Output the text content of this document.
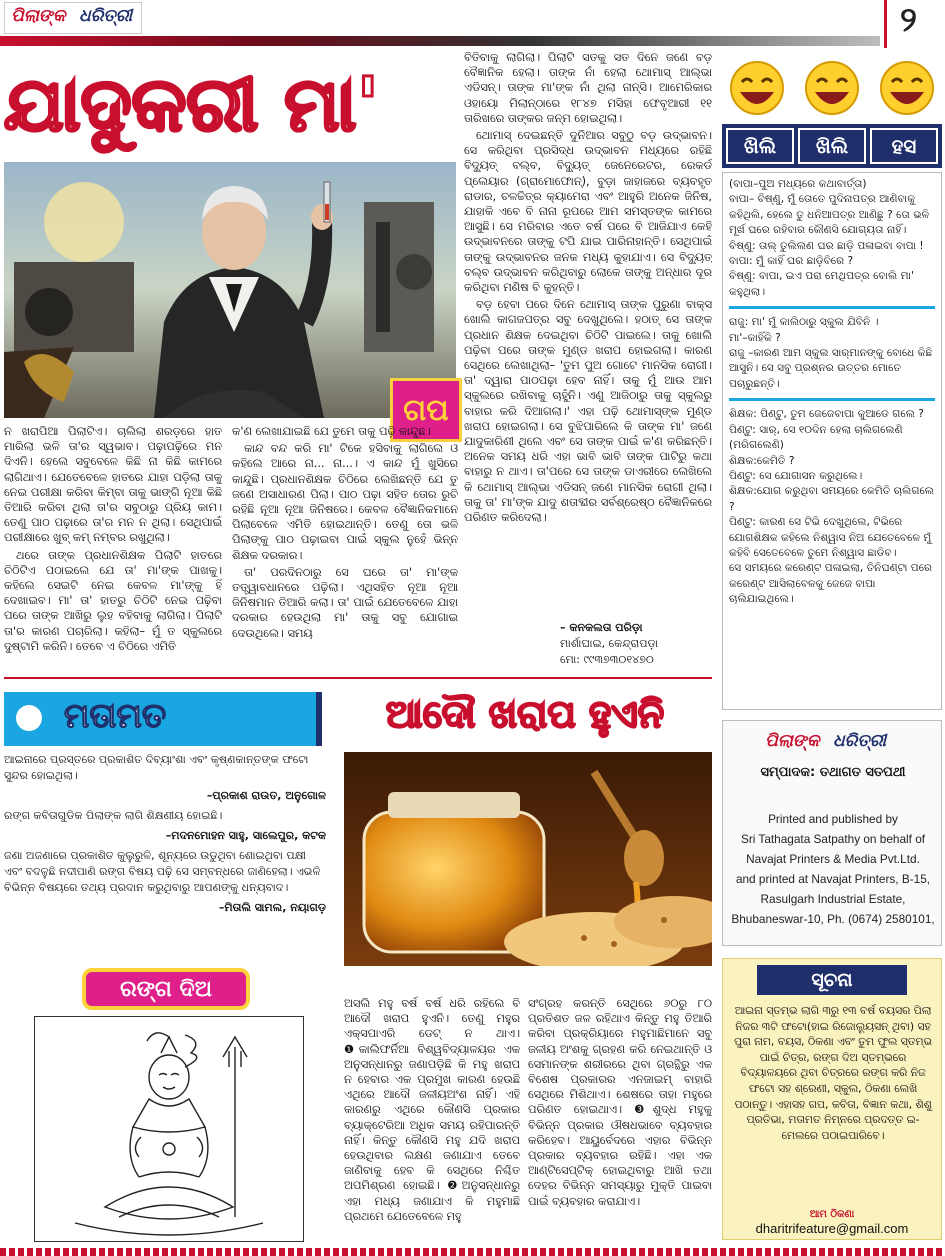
ପିଲାଙ୍କ ଧରିତ୍ରୀ	୨
ଯାଦୁକରୀ ମା'
ଗପ

ନ ଖରାପିଆ ପିଲାଟିଏ। ଚାଲିଲା ଶରଡ଼ରେ ହାତ ମାରିଲା ଭଳି ତା'ର ସ୍ୱଭାବ। ପଢ଼ାପଢ଼ିରେ ମନ ଦିଏନି। ହେଲେ ସବୁବେଳେ କିଛି ନା କିଛି କାମରେ ଲାଗିଥାଏ। ଯେତେବେଳେ ହାତରେ ଯାହା ପଡ଼ିଲା ତାକୁ ନେଇ ପରୀକ୍ଷା କରିବା କିମ୍ବା ତାକୁ ଭାଙ୍ଗି ନୂଆ କିଛି ତିଆରି କରିବା ଥିଲା ତା'ର ସବୁଠାରୁ ପ୍ରିୟ କାମ। ତେଣୁ ପାଠ ପଢ଼ାରେ ତା'ର ମନ ନ ଥିଲା। ସେଥିପାଇଁ ପରୀକ୍ଷାରେ ଖୁବ୍ କମ୍ ନମ୍ବର ରଖୁଥିଲା।

ଥରେ ତାଙ୍କ ପ୍ରଧାନଶିକ୍ଷକ ପିଲାଟି ହାତରେ ଚିଠିଟିଏ ପଠାଇଲେ ଯେ ତା' ମା'ଙ୍କ ପାଖକୁ। କହିଲେ ସେଇଟି ନେଇ କେବଳ ମା'ଙ୍କୁ ହିଁ ଦେଖାଇବ। ମା' ତା' ହାତରୁ ଚିଠିଟି ନେଇ ପଢ଼ିବା ପରେ ତାଙ୍କ ଆଖିରୁ ଲୁହ ବହିବାକୁ ଲାଗିଲା। ପିଲାଟି ତା'ର କାରଣ ପଚାରିଲା। କହିଲା– ମୁଁ ତ ସ୍କୁଲରେ ଦୁଷ୍ଟାମି କରିନି। ତେବେ ଏ ଚିଠିରେ ଏମିତି

କ'ଣ ଲେଖାଯାଇଛି ଯେ ତୁମେ ତାକୁ ପଢ଼ି କାନ୍ଦୁଛ।

କାନ୍ଦ ବନ୍ଦ କରି ମା' ଟିକେ ହସିବାକୁ ଲାଗିଲେ ଓ କହିଲେ ଆରେ ନା... ନା...। ଏ କାନ୍ଦ ମୁଁ ଖୁସିରେ କାନ୍ଦୁଛି। ପ୍ରଧାନଶିକ୍ଷକ ଚିଠିରେ ଲେଖିଛନ୍ତି ଯେ ତୁ ଜଣେ ଅସାଧାରଣ ପିଲା। ପାଠ ପଢ଼ା ସହିତ ତୋର ରୁଚି ରହିଛି ନୂଆ ନୂଆ ଜିନିଷରେ। କେବଳ ବୈଜ୍ଞାନିକମାନେ ପିଲାବେଳେ ଏମିତି ହୋଇଥାନ୍ତି। ତେଣୁ ତୋ ଭଳି ପିଲାଙ୍କୁ ପାଠ ପଢ଼ାଇବା ପାଇଁ ସ୍କୁଲ ନୁହେଁ ଭିନ୍ନ ଶିକ୍ଷକ ଦରକାର।

ତା' ପରଦିନଠାରୁ ସେ ଘରେ ତା' ମା'ଙ୍କ ତତ୍ତ୍ୱାବଧାନରେ ପଢ଼ିଲା। ଏଥିସହିତ ନୂଆ ନୂଆ ଜିନିଷମାନ ତିଆରି କଲା। ତା' ପାଇଁ ଯେତେବେଳେ ଯାହା ଦରକାର ହେଉଥିଲା ମା' ତାକୁ ସବୁ ଯୋଗାଇ ଦେଉଥିଲେ। ସମୟ

ବିତିବାକୁ ଲାଗିଲା। ପିଲାଟି ସତକୁ ସତ ଦିନେ ଜଣେ ବଡ଼ ବୈଜ୍ଞାନିକ ହେଲା। ତାଙ୍କ ନାଁ ହେଲା ଥୋମାସ୍ ଆଲ୍ଭା ଏଡିସନ୍। ତାଙ୍କ ମା'ଙ୍କ ନାଁ ଥିଲା ନାନ୍ସି। ଆମେରିକାର ଓହାୟୋ ମିଲାନ୍‌ଠାରେ ୧୮୪୭ ମସିହା ଫେବୃଆରୀ ୧୧ ତାରିଖରେ ତାଙ୍କର ଜନ୍ମ ହୋଇଥିଲା।

ଥୋମାସ୍ ଦେଇଛନ୍ତି ଦୁନିଆର ସବୁଠୁ ବଡ଼ ଉଦ୍ଭାବନ। ସେ କରିଥିବା ପ୍ରସିଦ୍ଧ ଉଦ୍ଭାବନ ମଧ୍ୟରେ ରହିଛି ବିଦ୍ୟୁତ୍ ବଲ୍ବ, ବିଦ୍ୟୁତ୍ ଜେନେରେଟର, ରେକର୍ଡ ପ୍ଲେୟାର (ଗ୍ରାମୋଫୋନ୍), ବୁଡ଼ା ଜାହାଜରେ ବ୍ୟବହୃତ ରାଡାର, ଚଳଚ୍ଚିତ୍ର କ୍ୟାମେରା ଏବଂ ଆହୁରି ଅନେକ ଜିନିଷ, ଯାହାକି ଏବେ ବି ନାନା ରୂପରେ ଆମ ସମସ୍ତଙ୍କ କାମରେ ଆସୁଛି। ସେ ମରିବାର ଏତେ ବର୍ଷ ପରେ ବି ଆଜିଯାଏ କେହି ଉଦ୍ଭାବନରେ ତାଙ୍କୁ ଟପି ଯାଇ ପାରିନାହାନ୍ତି। ସେଥିପାଇଁ ତାଙ୍କୁ ଉଦ୍ଭାବନର ଜନକ ମଧ୍ୟ କୁହାଯାଏ। ସେ ବିଦ୍ୟୁତ୍ ବଲ୍ବ ଉଦ୍ଭାବନ କରିଥିବାରୁ ଲୋକେ ତାଙ୍କୁ ଅନ୍ଧାର ଦୂର କରିଥିବା ମଣିଷ ବି କୁହନ୍ତି।

ବଡ଼ ହେବା ପରେ ଦିନେ ଥୋମାସ୍ ତାଙ୍କ ପୁରୁଣା ବାକ୍ସ ଖୋଲି କାଗଜପତ୍ର ସବୁ ଦେଖୁଥିଲେ। ହଠାତ୍ ସେ ତାଙ୍କ ପ୍ରଧାନ ଶିକ୍ଷକ ଦେଇଥିବା ଚିଠିଟି ପାଇଲେ। ତାକୁ ଖୋଲି ପଢ଼ିବା ପରେ ତାଙ୍କ ମୁଣ୍ଡ ଖରାପ ହୋଇଗଲା। କାରଣ ସେଥିରେ ଲେଖାଥିଲା– 'ତୁମ ପୁଅ ଗୋଟେ ମାନସିକ ରୋଗୀ। ତା' ଦ୍ୱାରା ପାଠପଢ଼ା ହେବ ନାହିଁ। ତାକୁ ମୁଁ ଆଉ ଆମ ସ୍କୁଲରେ ରଖିବାକୁ ଚାହୁଁନି। ଏଣୁ ଆଜିଠାରୁ ତାକୁ ସ୍କୁଲରୁ ବାହାର କରି ଦିଆଗଲା।' ଏହା ପଢ଼ି ଥୋମାସ୍‌ଙ୍କ ମୁଣ୍ଡ ଖରାପ ହୋଇଗଲା। ସେ ବୁଝିପାରିଲେ କି ତାଙ୍କ ମା' ଜଣେ ଯାଦୁକାରିଣୀ ଥିଲେ ଏବଂ ସେ ତାଙ୍କ ପାଇଁ କ'ଣ କରିଛନ୍ତି। ଅନେକ ସମୟ ଧରି ଏହା ଭାବି ଭାବି ତାଙ୍କ ପାଟିରୁ କଥା ବାହାରୁ ନ ଥାଏ। ତା'ପରେ ସେ ତାଙ୍କ ଡାଏରୀରେ ଲେଖିଲେ କି ଥୋମାସ୍ ଆଲ୍ଭା ଏଡିସନ୍ ଜଣେ ମାନସିକ ରୋଗୀ ଥିଲା। ତାକୁ ତା' ମା'ଙ୍କ ଯାଦୁ ଶତାବ୍ଦୀର ସର୍ବଶ୍ରେଷ୍ଠ ବୈଜ୍ଞାନିକରେ ପରିଣତ କରିଦେଲା।

– କନକଲତା ପରିଡ଼ା
ମାର୍ଶାଘାଇ, କେନ୍ଦ୍ରାପଡ଼ା
ମୋ: ୯୯୩୭୩୦୧୪୭୦
ଖିଲି ଖିଲି ହସ
(ବାପା–ପୁଅ ମଧ୍ୟରେ କଥାବାର୍ତ୍ତା)
ବାପା– ବିଷ୍ଣୁ, ମୁଁ ତୋତେ ପୁଦିନାପତ୍ର ଆଣିବାକୁ କହିଥିଲି, ହେଲେ ତୁ ଧନିଆପତ୍ର ଆଣିଛୁ ? ତୋ ଭଳି ମୂର୍ଖ ଘରେ ରହିବାର କୌଣସି ଯୋଗ୍ୟତା ନାହିଁ।
ବିଷ୍ଣୁ: ତାଲ୍ ତୁଲିଲଣ ଘର ଛାଡ଼ି ପଳାଇବା ବାପା !
ବାପା: ମୁଁ କାହିଁ ଘର ଛାଡ଼ିବିରେ ?
ବିଷ୍ଣୁ: ବାପା, ଇଏ ପରା ମେଥିପତ୍ର ବୋଲି ମା' କହୁଥିଲା।
ରାଜୁ: ମା' ମୁଁ କାଲିଠାରୁ ସ୍କୁଲ ଯିବିନି ।
ମା'–କାହିଁକି ?
ରାଜୁ –କାରଣ ଆମ ସ୍କୁଲ ସାର୍‌ମାନଙ୍କୁ ବୋଧେ କିଛି ଆସୁନି। ସେ ସବୁ ପ୍ରଶ୍ନର ଉତ୍ତର ମୋତେ ପଚାରୁଛନ୍ତି।
ଶିକ୍ଷକ: ପିଣ୍ଟୁ, ତୁମ ଜେଜେବାପା କୁଆଡେ ଗଲେ ?
ପିଣ୍ଟୁ: ସାର୍, ସେ ୧୦ଦିନ ହେଲା ଚାଲିଗଲେଣି (ମରିଗଲେଣି)
ଶିକ୍ଷକ:କେମିତି ?
ପିଣ୍ଟୁ: ସେ ଯୋଗାସନ କରୁଥିଲେ।
ଶିକ୍ଷକ:ଯୋଗ କରୁଥିବା ସମୟରେ କେମିତି ଚାଲିଗଲେ ?
ପିଣ୍ଟୁ: କାରଣ ସେ ଟିଭି ଦେଖୁଥିଲେ, ଟିଭିରେ ଯୋଗଶିକ୍ଷକ କହିଲେ ନିଶ୍ୱାସ ନିଅ ଯେତେବେଳେ ମୁଁ କହିବି ସେତେବେଳେ ତୁମେ ନିଶ୍ୱାସ ଛାଡିବ।
ସେ ସମୟରେ କରେଣ୍ଟ ପଳାଇଲା, ତିନିଘଣ୍ଟା ପରେ କରେଣ୍ଟ ଆସିଲାବେଳକୁ ଜେଜେ ବାପା ଚାଲିଯାଇଥିଲେ।
ପିଲାଙ୍କ ଧରିତ୍ରୀ
ସମ୍ପାଦକ: ତଥାଗତ ସତପଥୀ
Printed and published by
Sri Tathagata Satpathy on behalf of
Navajat Printers & Media Pvt.Ltd.
and printed at Navajat Printers, B-15,
Rasulgarh Industrial Estate,
Bhubaneswar-10, Ph. (0674) 2580101,
ସୂଚନା
ଆଇନା ସ୍ତମ୍ଭ ଲାଗି ୩ରୁ ୧୩ ବର୍ଷ ବୟସର ପିଲା ନିଜର ୩ଟି ଫଟୋ(ହାଇ ରିଜୋଲ୍ୟୁସନ୍ ଥିବା) ସହ ପୁରା ନାମ, ବୟସ, ଠିକଣା ଏବଂ ତୁମ ଫୁଲ ସ୍ତମ୍ଭ ପାଇଁ ଚିତ୍ର, ରଙ୍ଗ ଦିଅ ସ୍ତମ୍ଭରେ ବିଦ୍ୟାଳୟରେ ଥିବା ଚିତ୍ରରେ ରଙ୍ଗ କରି ନିଜ ଫଟୋ ସହ ଶ୍ରେଣୀ, ସ୍କୁଲ, ଠିକଣା ଲେଖି ପଠାନ୍ତୁ। ଏହାସହ ଗପ, କବିତା, ବିଜ୍ଞାନ କଥା, ଶିଶୁ ପ୍ରତିଭା, ମତାମତ ନିମ୍ନରେ ପ୍ରଦତ୍ତ ଇ-ମେଲରେ ପଠାଇପାରିବେ।
ଆମ ଠିକଣା
dharitrifeature@gmail.com
ମତାମତ
ଆଇନାରେ ପ୍ରସ୍ତରେ ପ୍ରକାଶିତ ଦିବ୍ୟାଂଶା ଏବଂ କୃଷ୍ଣକାନ୍ତଙ୍କ ଫଟୋ ସୁନ୍ଦର ହୋଇଥିଲା।
–ପ୍ରକାଶ ରାଉତ, ଅନୁଗୋଳ
ରଙ୍ଗ କବିତାଗୁଡିକ ପିଲାଙ୍କ ଲାଗି ଶିକ୍ଷଣୀୟ ହୋଇଛି।
–ମଦନମୋହନ ସାହୁ, ସାଲେପୁର, କଟକ
ଜଣା ଅଜଣାରେ ପ୍ରକାଶିତ କୁଲୁରୁଳି, ଶୂନ୍ୟରେ ଉଡୁଥିବା ଶୋଇଥିବା ପକ୍ଷୀ ଏବଂ ବଦଳୁଛି ନଦୀପାଣି ରଙ୍ଗ ବିଷୟ ପଢ଼ି ସେ ସମ୍ବନ୍ଧରେ ଜାଣିହେଲା। ଏଭଳି ବିଭିନ୍ନ ବିଷୟରେ ତଥ୍ୟ ପ୍ରଦାନ କରୁଥିବାରୁ ଆପଣଙ୍କୁ ଧନ୍ୟବାଦ।
–ମିତାଲି ସାମଲ, ନୟାଗଡ଼
ରଙ୍ଗ ଦିଅ
ଆଦୌ ଖରାପ ହୁଏନି
ଅସଲି ମହୁ ବର୍ଷ ବର୍ଷ ଧରି ରହିଲେ ବି ଆଦୌ ଖରାପ ହୁଏନି। ତେଣୁ ମହୁର ଏକ୍ସପାଏରି ଡେଟ୍ ନ ଥାଏ। ❶କାଲିଫର୍ନିଆ ବିଶ୍ୱବିଦ୍ୟାଳୟର ଏକ ଅନୁସନ୍ଧାନରୁ ଜଣାପଡ଼ିଛି କି ମହୁ ଖରାପ ନ ହେବାର ଏକ ପ୍ରମୁଖ କାରଣ ହେଉଛି ଏଥିରେ ଆଦୌ ଜଳୀୟଅଂଶ ନାହିଁ। ଏହି କାରଣରୁ ଏଥିରେ କୌଣସି ପ୍ରକାର ବ୍ୟାକ୍ଟେରିଆ ଅଧିକ ସମୟ ରହିପାରନ୍ତି ନାହିଁ। କିନ୍ତୁ କୌଣସି ମହୁ ଯଦି ଖରାପ ହେଉଥିବାର ଲକ୍ଷଣ ଜଣାଯାଏ ତେବେ ଜାଣିବାକୁ ହେବ କି ସେଥିରେ ନିଶ୍ଚିତ ଅପମିଶ୍ରଣ ହୋଇଛି। ❷ଅନୁସନ୍ଧାନରୁ ଏହା ମଧ୍ୟ ଜଣାଯାଏ କି ମହୁମାଛି ପ୍ରଥମେ ଯେତେବେଳେ ମହୁ
ସଂଗ୍ରହ କରନ୍ତି ସେଥିରେ ୬୦ରୁ ୮୦ ପ୍ରତିଶତ ଜଳ ରହିଥାଏ କିନ୍ତୁ ମହୁ ତିଆରି କରିବା ପ୍ରକ୍ରିୟାରେ ମହୁମାଛିମାନେ ସବୁ ଜଳୀୟ ଅଂଶକୁ ଗ୍ରହଣ କରି ନେଇଥାନ୍ତି ଓ ସେମାନଙ୍କ ଶରୀରରେ ଥିବା ଗ୍ରନ୍ଥିରୁ ଏକ ବିଶେଷ ପ୍ରକାରର ଏନଜାଇମ୍ ବାହାରି ସେଥିରେ ମିଶିଥାଏ। ଶେଷରେ ତାହା ମହୁରେ ପରିଣତ ହୋଇଥାଏ। ❸ଶୁଦ୍ଧ ମହୁକୁ ବିଭିନ୍ନ ପ୍ରକାର ଔଷଧଭାବେ ବ୍ୟବହାର କରିହେବ। ଆୟୁର୍ବେଦରେ ଏହାର ବିଭିନ୍ନ ପ୍ରକାର ବ୍ୟବହାର ରହିଛି। ଏହା ଏକ ଆଣ୍ଟିସେପ୍ଟିକ୍ ହୋଇଥିବାରୁ ଆଖି ତଥା ଦେହର ବିଭିନ୍ନ ସମସ୍ୟାରୁ ମୁକ୍ତି ପାଇବା ପାଇଁ ବ୍ୟବହାର କରାଯାଏ।
